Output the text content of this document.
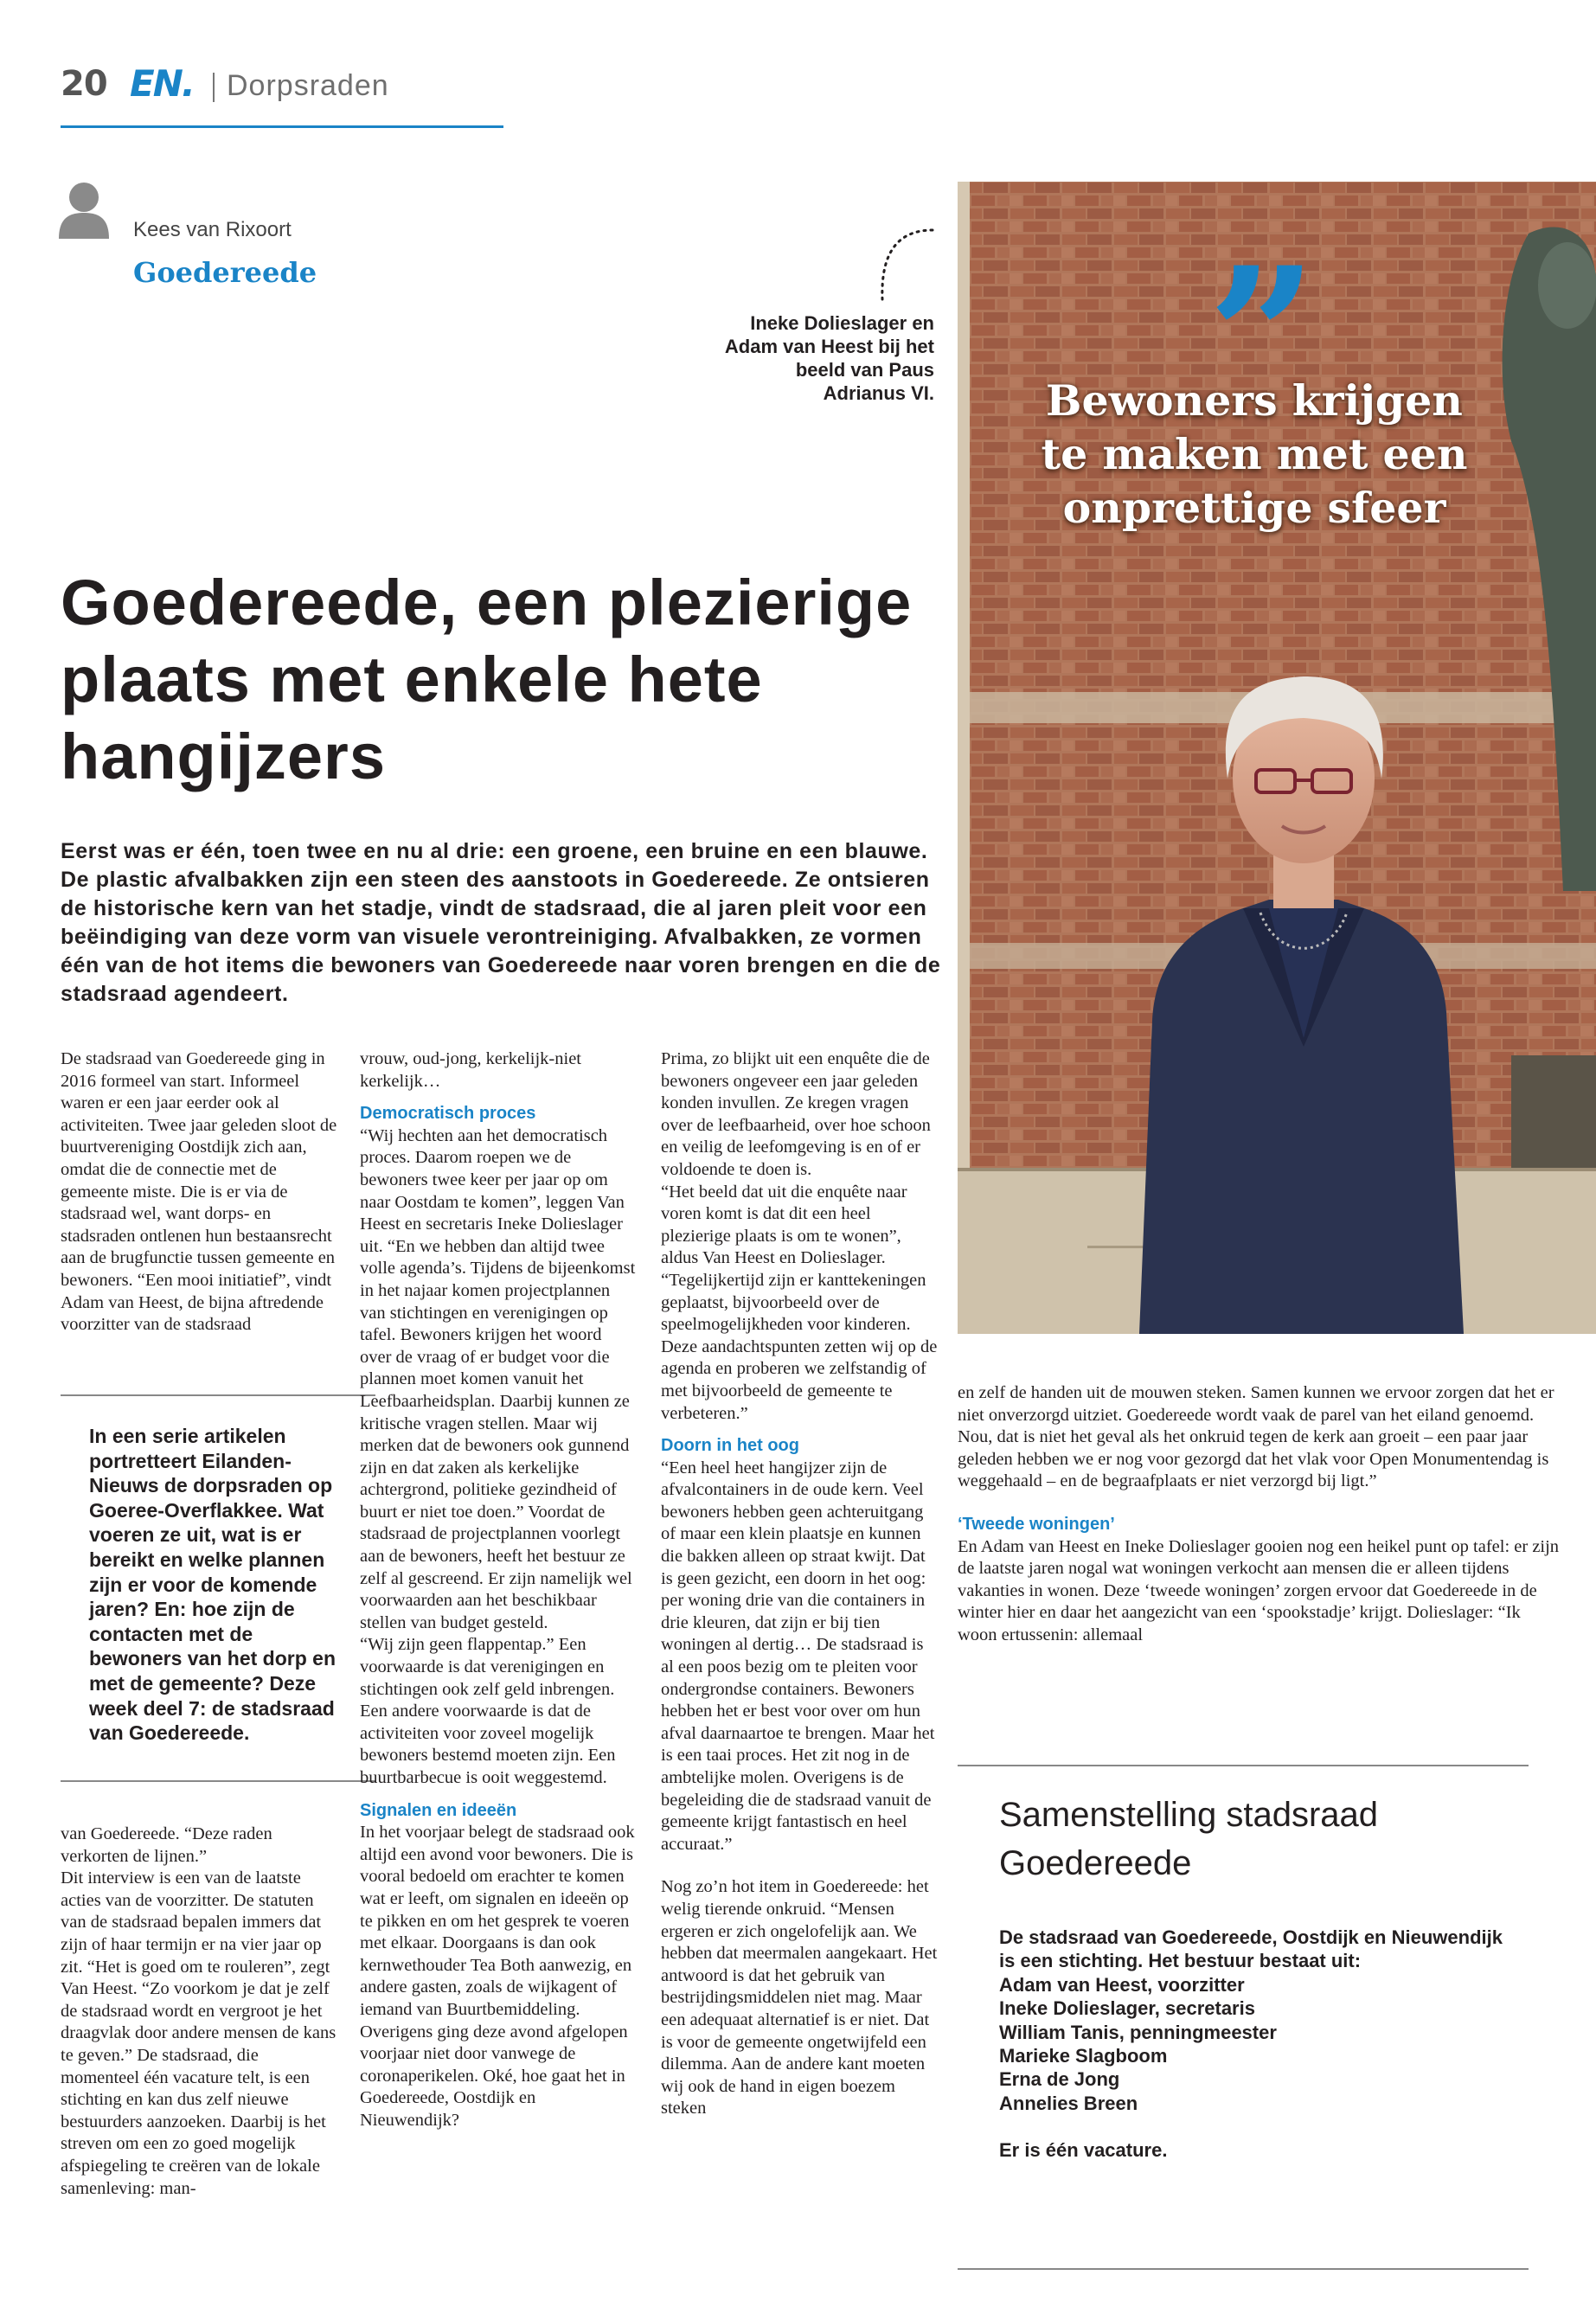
20 EN. Dorpsraden
Kees van Rixoort
Goedereede
Ineke Dolieslager en Adam van Heest bij het beeld van Paus Adrianus VI. ”
Bewoners krijgen te maken met een onprettige sfeer
Goedereede, een plezierige plaats met enkele hete hangijzers
Eerst was er één, toen twee en nu al drie: een groene, een bruine en een blauwe. De plastic afvalbakken zijn een steen des aanstoots in Goedereede. Ze ontsieren de historische kern van het stadje, vindt de stadsraad, die al jaren pleit voor een beëindiging van deze vorm van visuele verontreiniging. Afvalbakken, ze vormen één van de hot items die bewoners van Goedereede naar voren brengen en die de stadsraad agendeert.
De stadsraad van Goedereede ging in 2016 formeel van start. Informeel waren er een jaar eerder ook al activiteiten. Twee jaar geleden sloot de buurtvereniging Oostdijk zich aan, omdat die de connectie met de gemeente miste. Die is er via de stadsraad wel, want dorps- en stadsraden ontlenen hun bestaansrecht aan de brugfunctie tussen gemeente en bewoners. “Een mooi initiatief”, vindt Adam van Heest, de bijna aftredende voorzitter van de stadsraad
In een serie artikelen portretteert Eilanden-Nieuws de dorpsraden op Goeree-Overflakkee. Wat voeren ze uit, wat is er bereikt en welke plannen zijn er voor de komende jaren? En: hoe zijn de contacten met de bewoners van het dorp en met de gemeente? Deze week deel 7: de stadsraad van Goedereede.
van Goedereede. “Deze raden verkorten de lijnen.”
Dit interview is een van de laatste acties van de voorzitter. De statuten van de stadsraad bepalen immers dat zijn of haar termijn er na vier jaar op zit. “Het is goed om te rouleren”, zegt Van Heest. “Zo voorkom je dat je zelf de stadsraad wordt en vergroot je het draagvlak door andere mensen de kans te geven.” De stadsraad, die momenteel één vacature telt, is een stichting en kan dus zelf nieuwe bestuurders aanzoeken. Daarbij is het streven om een zo goed mogelijk afspiegeling te creëren van de lokale samenleving: man-

vrouw, oud-jong, kerkelijk-niet kerkelijk…

Democratisch proces

“Wij hechten aan het democratisch proces. Daarom roepen we de bewoners twee keer per jaar op om naar Oostdam te komen”, leggen Van Heest en secretaris Ineke Dolieslager uit. “En we hebben dan altijd twee volle agenda’s. Tijdens de bijeenkomst in het najaar komen projectplannen van stichtingen en verenigingen op tafel. Bewoners krijgen het woord over de vraag of er budget voor die plannen moet komen vanuit het Leefbaarheidsplan. Daarbij kunnen ze kritische vragen stellen. Maar wij merken dat de bewoners ook gunnend zijn en dat zaken als kerkelijke achtergrond, politieke gezindheid of buurt er niet toe doen.” Voordat de stadsraad de projectplannen voorlegt aan de bewoners, heeft het bestuur ze zelf al gescreend. Er zijn namelijk wel voorwaarden aan het beschikbaar stellen van budget gesteld.
“Wij zijn geen flappentap.” Een voorwaarde is dat verenigingen en stichtingen ook zelf geld inbrengen. Een andere voorwaarde is dat de activiteiten voor zoveel mogelijk bewoners bestemd moeten zijn. Een buurtbarbecue is ooit weggestemd.

Signalen en ideeën

In het voorjaar belegt de stadsraad ook altijd een avond voor bewoners. Die is vooral bedoeld om erachter te komen wat er leeft, om signalen en ideeën op te pikken en om het gesprek te voeren met elkaar. Doorgaans is dan ook kernwethouder Tea Both aanwezig, en andere gasten, zoals de wijkagent of iemand van Buurtbemiddeling. Overigens ging deze avond afgelopen voorjaar niet door vanwege de coronaperikelen. Oké, hoe gaat het in Goedereede, Oostdijk en Nieuwendijk?

Prima, zo blijkt uit een enquête die de bewoners ongeveer een jaar geleden konden invullen. Ze kregen vragen over de leefbaarheid, over hoe schoon en veilig de leefomgeving is en of er voldoende te doen is.
“Het beeld dat uit die enquête naar voren komt is dat dit een heel plezierige plaats is om te wonen”, aldus Van Heest en Dolieslager. “Tegelijkertijd zijn er kanttekeningen geplaatst, bijvoorbeeld over de speelmogelijkheden voor kinderen. Deze aandachtspunten zetten wij op de agenda en proberen we zelfstandig of met bijvoorbeeld de gemeente te verbeteren.”

Doorn in het oog

“Een heel heet hangijzer zijn de afvalcontainers in de oude kern. Veel bewoners hebben geen achteruitgang of maar een klein plaatsje en kunnen die bakken alleen op straat kwijt. Dat is geen gezicht, een doorn in het oog: per woning drie van die containers in drie kleuren, dat zijn er bij tien woningen al dertig… De stadsraad is al een poos bezig om te pleiten voor ondergrondse containers. Bewoners hebben het er best voor over om hun afval daarnaartoe te brengen. Maar het is een taai proces. Het zit nog in de ambtelijke molen. Overigens is de begeleiding die de stadsraad vanuit de gemeente krijgt fantastisch en heel accuraat.”

Nog zo’n hot item in Goedereede: het welig tierende onkruid. “Mensen ergeren er zich ongelofelijk aan. We hebben dat meermalen aangekaart. Het antwoord is dat het gebruik van bestrijdingsmiddelen niet mag. Maar een adequaat alternatief is er niet. Dat is voor de gemeente ongetwijfeld een dilemma. Aan de andere kant moeten wij ook de hand in eigen boezem steken

en zelf de handen uit de mouwen steken. Samen kunnen we ervoor zorgen dat het er niet onverzorgd uitziet. Goedereede wordt vaak de parel van het eiland genoemd. Nou, dat is niet het geval als het onkruid tegen de kerk aan groeit – een paar jaar geleden hebben we er nog voor gezorgd dat het vlak voor Open Monumentendag is weggehaald – en de begraafplaats er niet verzorgd bij ligt.”

‘Tweede woningen’

En Adam van Heest en Ineke Dolieslager gooien nog een heikel punt op tafel: er zijn de laatste jaren nogal wat woningen verkocht aan mensen die er alleen tijdens vakanties in wonen. Deze ‘tweede woningen’ zorgen ervoor dat Goedereede in de winter hier en daar het aangezicht van een ‘spookstadje’ krijgt. Dolieslager: “Ik woon ertussenin: allemaal

Samenstelling stadsraad Goedereede

De stadsraad van Goedereede, Oostdijk en Nieuwendijk is een stichting. Het bestuur bestaat uit:

Adam van Heest, voorzitter

Ineke Dolieslager, secretaris

William Tanis, penningmeester

Marieke Slagboom

Erna de Jong

Annelies Breen

Er is één vacature.
